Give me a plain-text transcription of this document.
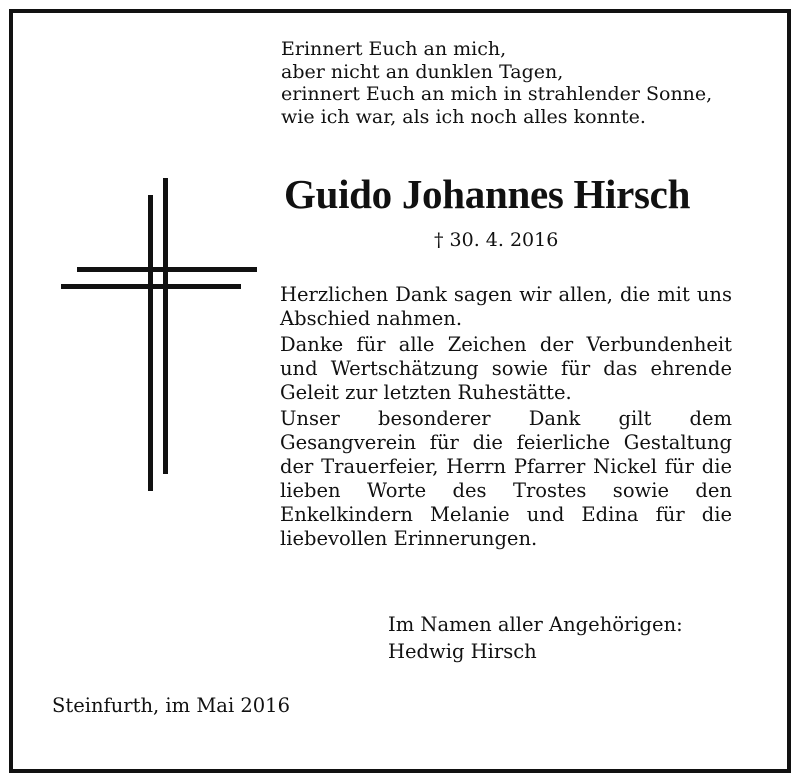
Erinnert Euch an mich,
aber nicht an dunklen Tagen,
erinnert Euch an mich in strahlender Sonne,
wie ich war, als ich noch alles konnte.
Guido Johannes Hirsch
† 30. 4. 2016

Herzlichen Dank sagen wir allen, die mit uns Abschied nahmen.

Danke für alle Zeichen der Verbundenheit und Wertschätzung sowie für das ehrende Geleit zur letzten Ruhestätte.

Unser besonderer Dank gilt dem Gesangverein für die feierliche Gestaltung der Trauerfeier, Herrn Pfarrer Nickel für die lieben Worte des Trostes sowie den Enkelkindern Melanie und Edina für die liebevollen Erinnerungen.

Im Namen aller Angehörigen:
Hedwig Hirsch
Steinfurth, im Mai 2016
